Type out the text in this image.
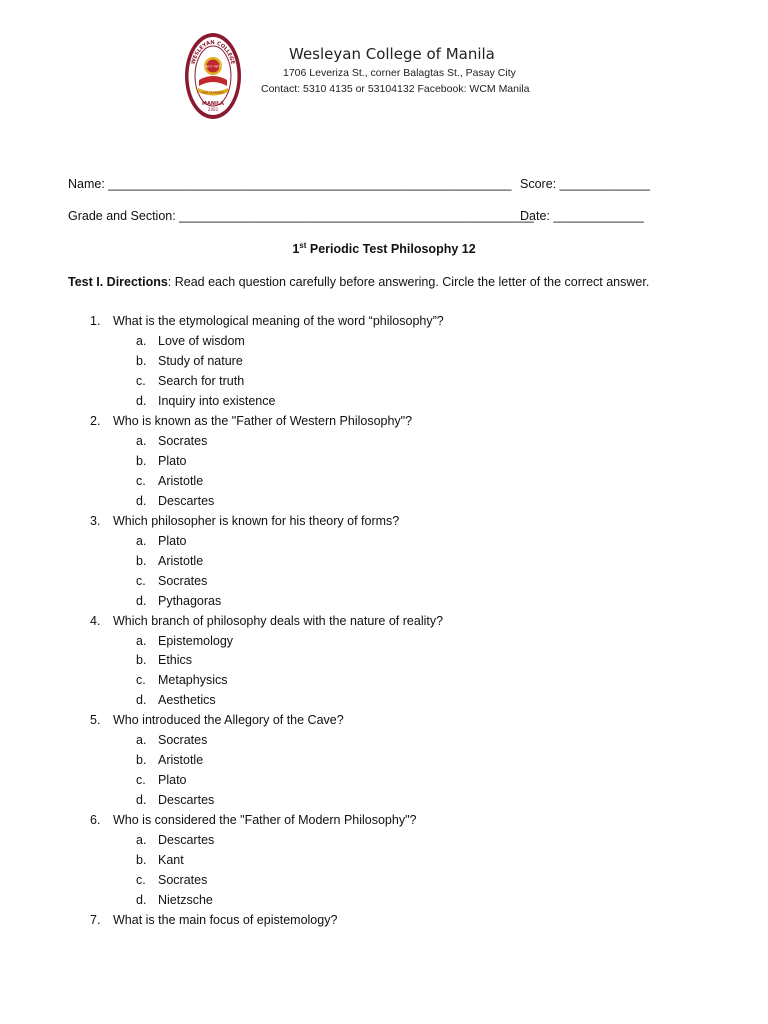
WESLEYAN COLLEGE
UNITY PIETY
AND LEARNING
MANILA
2003
Wesleyan College of Manila
1706 Leveriza St., corner Balagtas St., Pasay City
Contact: 5310 4135 or 53104132 Facebook: WCM Manila
Name: __________________________________________________________ Score: _____________
Grade and Section: ___________________________________________________
Date: _____________
1st Periodic Test Philosophy 12
Test I. Directions: Read each question carefully before answering. Circle the letter of the correct answer.
1. What is the etymological meaning of the word “philosophy”?
a. Love of wisdom
b. Study of nature
c. Search for truth
d. Inquiry into existence
2. Who is known as the "Father of Western Philosophy"?
a. Socrates
b. Plato
c. Aristotle
d. Descartes
3. Which philosopher is known for his theory of forms?
a. Plato
b. Aristotle
c. Socrates
d. Pythagoras
4. Which branch of philosophy deals with the nature of reality?
a. Epistemology
b. Ethics
c. Metaphysics
d. Aesthetics
5. Who introduced the Allegory of the Cave?
a. Socrates
b. Aristotle
c. Plato
d. Descartes
6. Who is considered the "Father of Modern Philosophy"?
a. Descartes
b. Kant
c. Socrates
d. Nietzsche
7. What is the main focus of epistemology?
